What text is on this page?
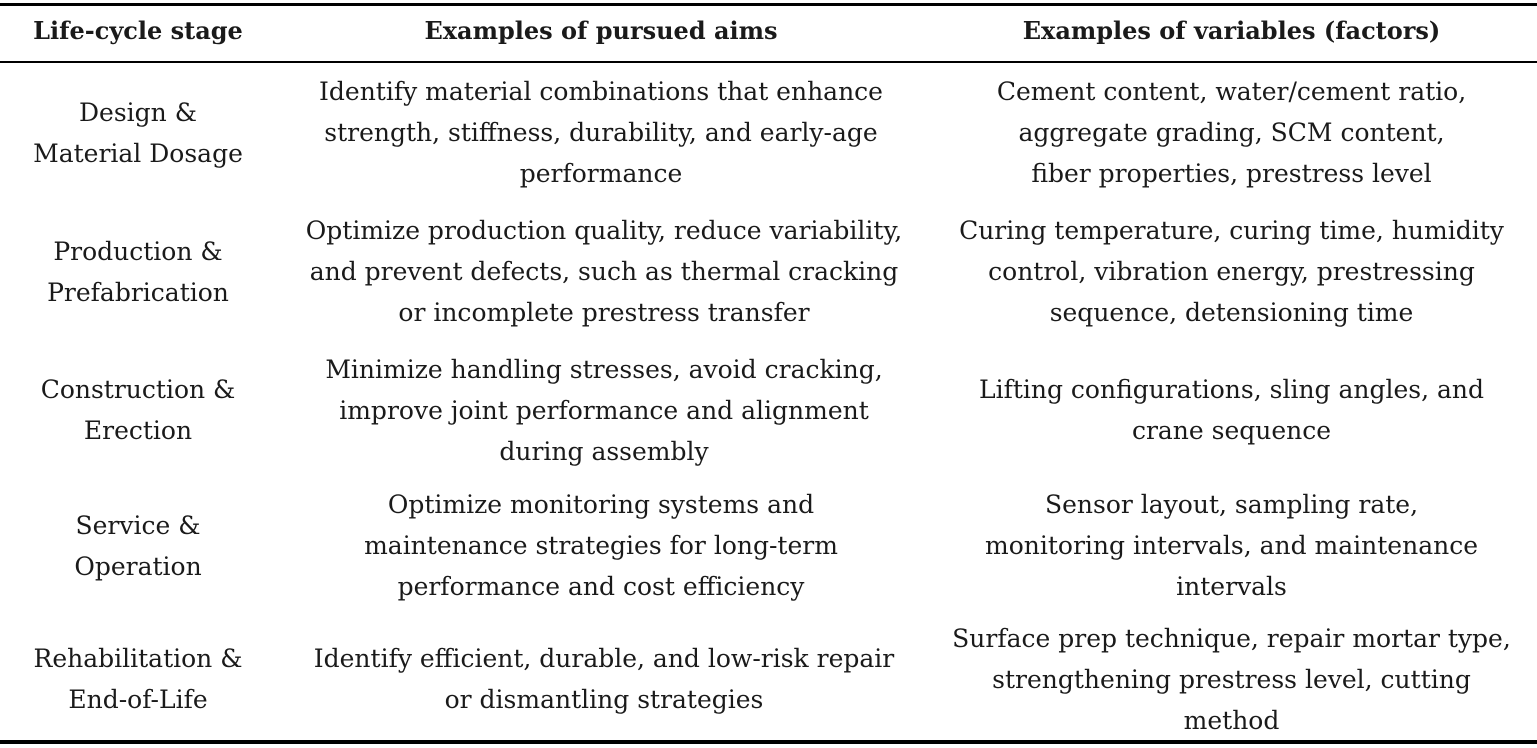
Life-cycle stage	Examples of pursued aims	Examples of variables (factors)
Design & Material Dosage	Identify material combinations that enhance strength, stiffness, durability, and early-age performance	Cement content, water/cement ratio, aggregate grading, SCM content, fiber properties, prestress level
Production & Prefabrication	Optimize production quality, reduce variability, and prevent defects, such as thermal cracking or incomplete prestress transfer	Curing temperature, curing time, humidity control, vibration energy, prestressing sequence, detensioning time
Construction & Erection	Minimize handling stresses, avoid cracking, improve joint performance and alignment during assembly	Lifting configurations, sling angles, and crane sequence
Service & Operation	Optimize monitoring systems and maintenance strategies for long-term performance and cost efficiency	Sensor layout, sampling rate, monitoring intervals, and maintenance intervals
Rehabilitation & End-of-Life	Identify efficient, durable, and low-risk repair or dismantling strategies	Surface prep technique, repair mortar type, strengthening prestress level, cutting method
